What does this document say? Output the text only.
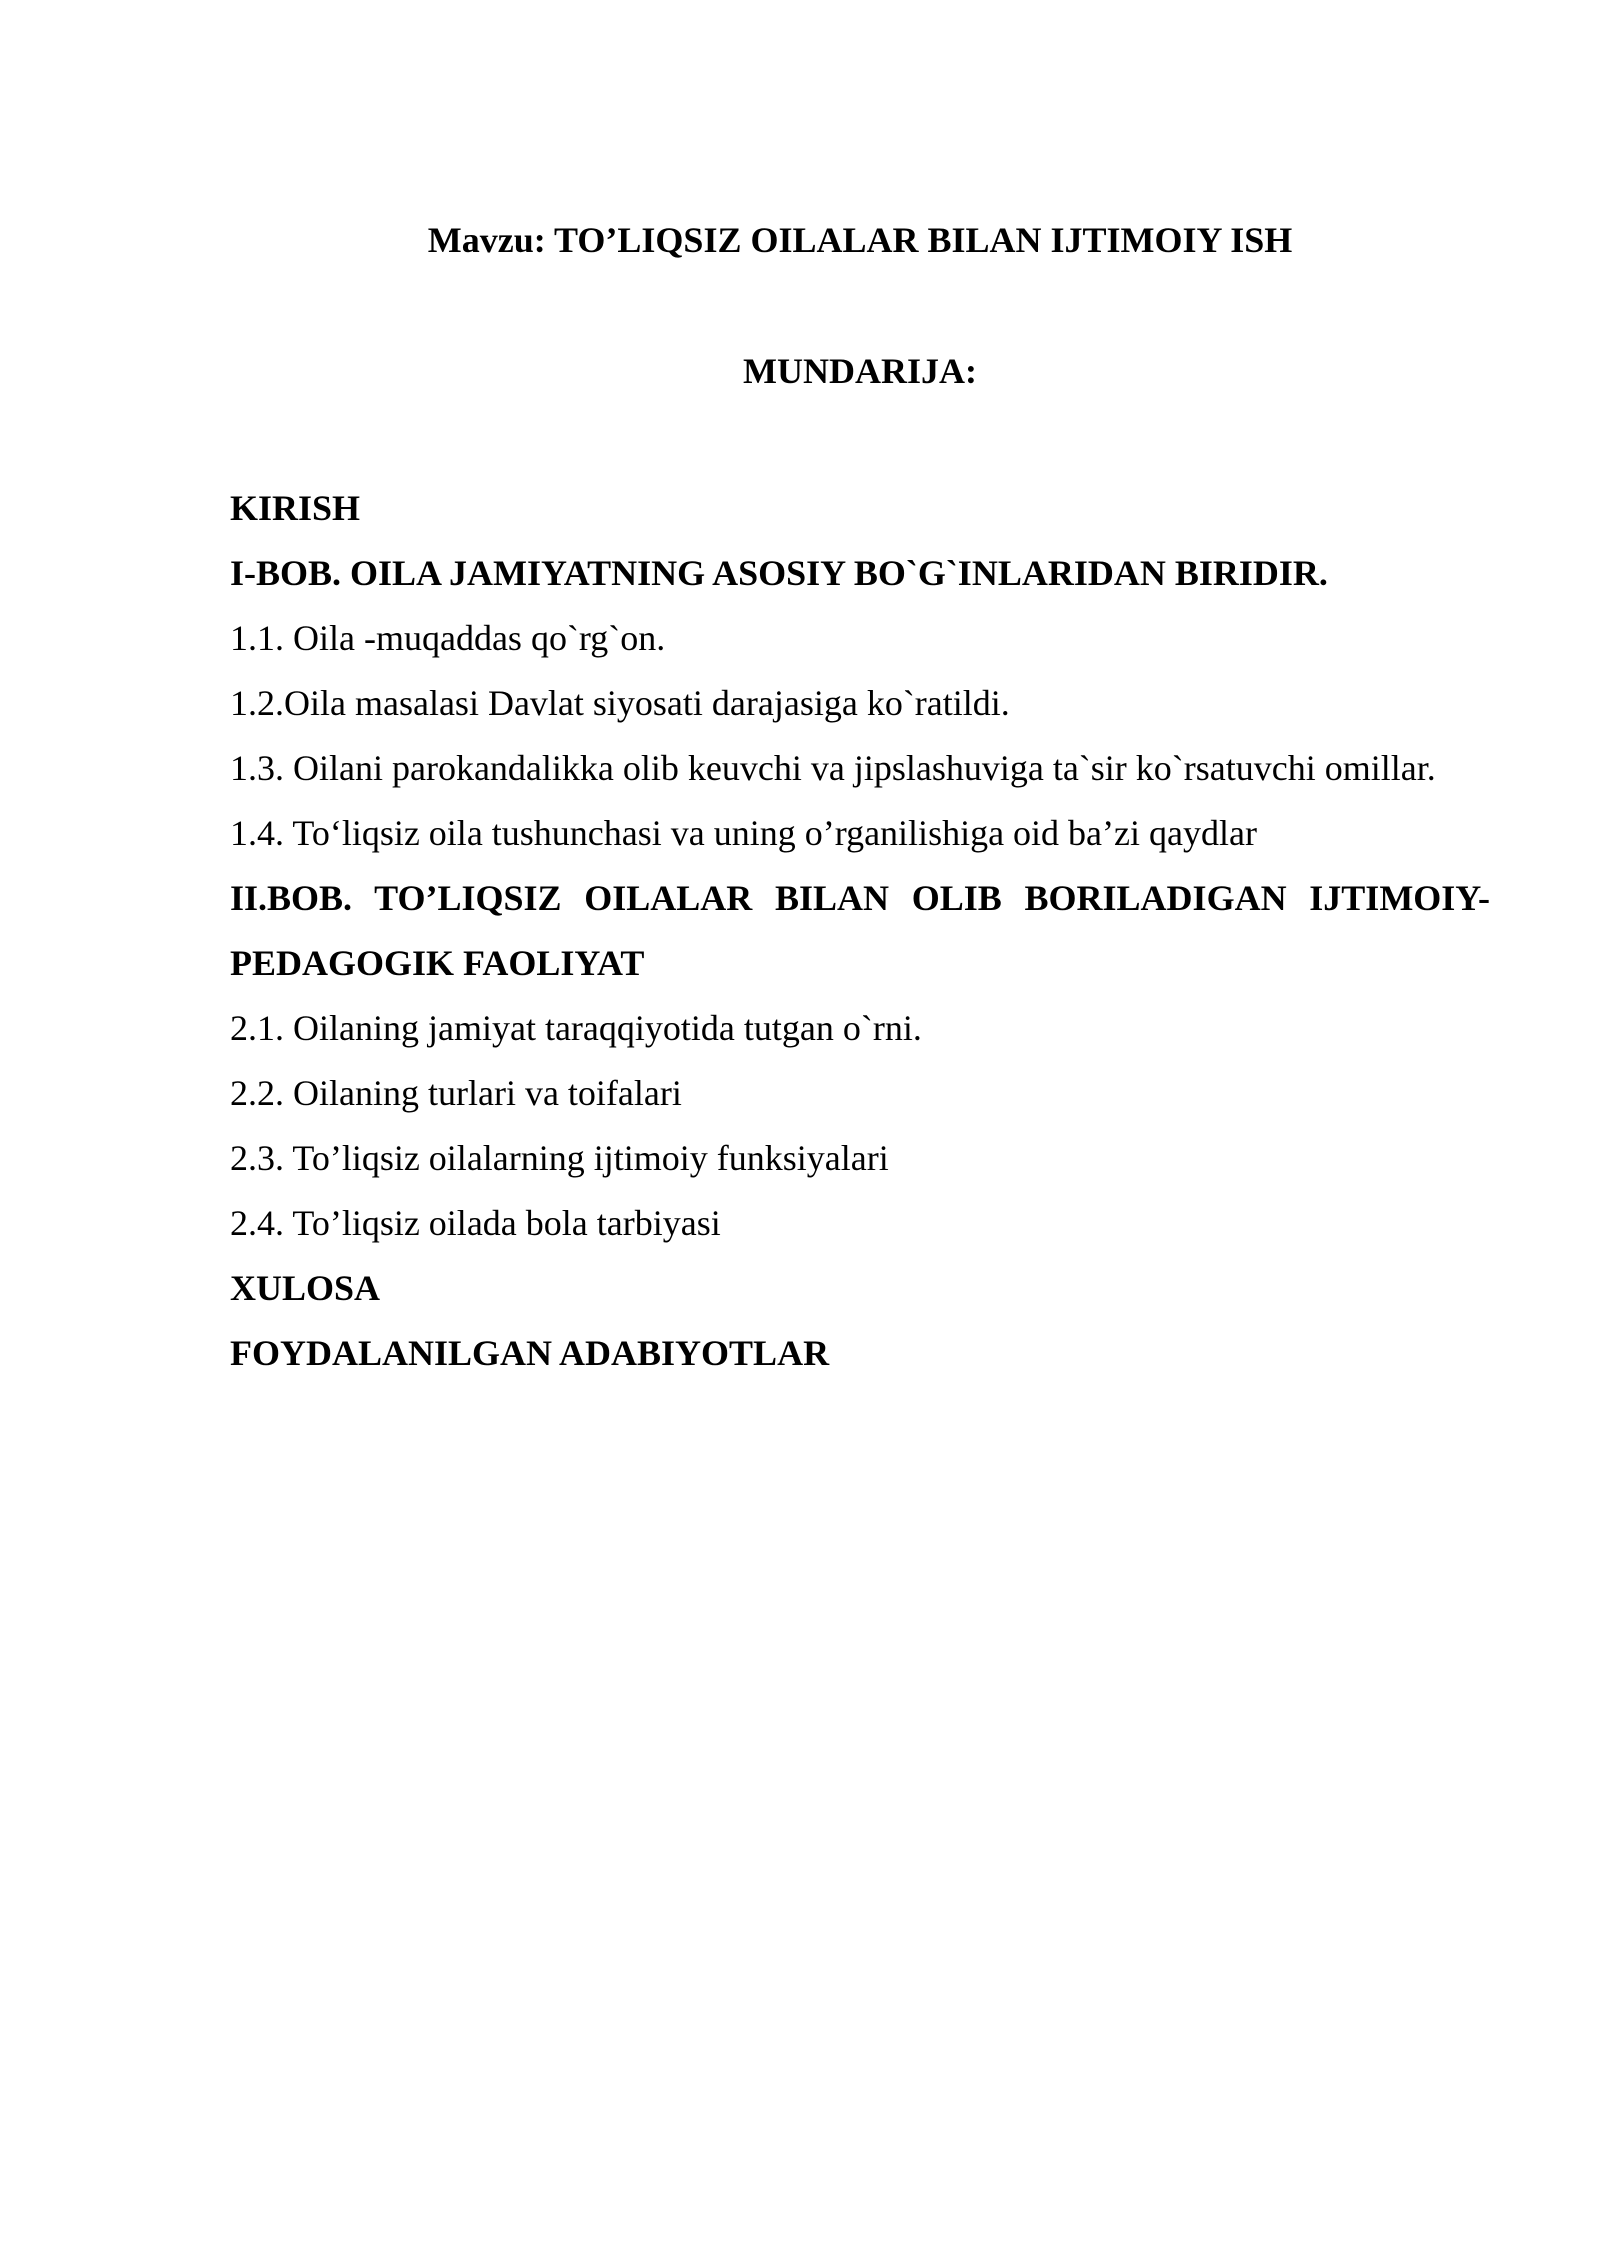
Mavzu: TO’LIQSIZ OILALAR BILAN IJTIMOIY ISH
MUNDARIJA:
KIRISH
I-BOB. OILA JAMIYATNING ASOSIY BO`G`INLARIDAN BIRIDIR.
1.1. Oila -muqaddas qo`rg`on.
1.2.Oila masalasi Davlat siyosati darajasiga ko`ratildi.
1.3. Oilani parokandalikka olib keuvchi va jipslashuviga ta`sir ko`rsatuvchi omillar.
1.4. To‘liqsiz oila tushunchasi va uning o’rganilishiga oid ba’zi qaydlar
II.BOB. TO’LIQSIZ OILALAR BILAN OLIB BORILADIGAN IJTIMOIY-PEDAGOGIK FAOLIYAT
2.1. Oilaning jamiyat taraqqiyotida tutgan o`rni.
2.2. Oilaning turlari va toifalari
2.3. To’liqsiz oilalarning ijtimoiy funksiyalari
2.4. To’liqsiz oilada bola tarbiyasi
XULOSA
FOYDALANILGAN ADABIYOTLAR
